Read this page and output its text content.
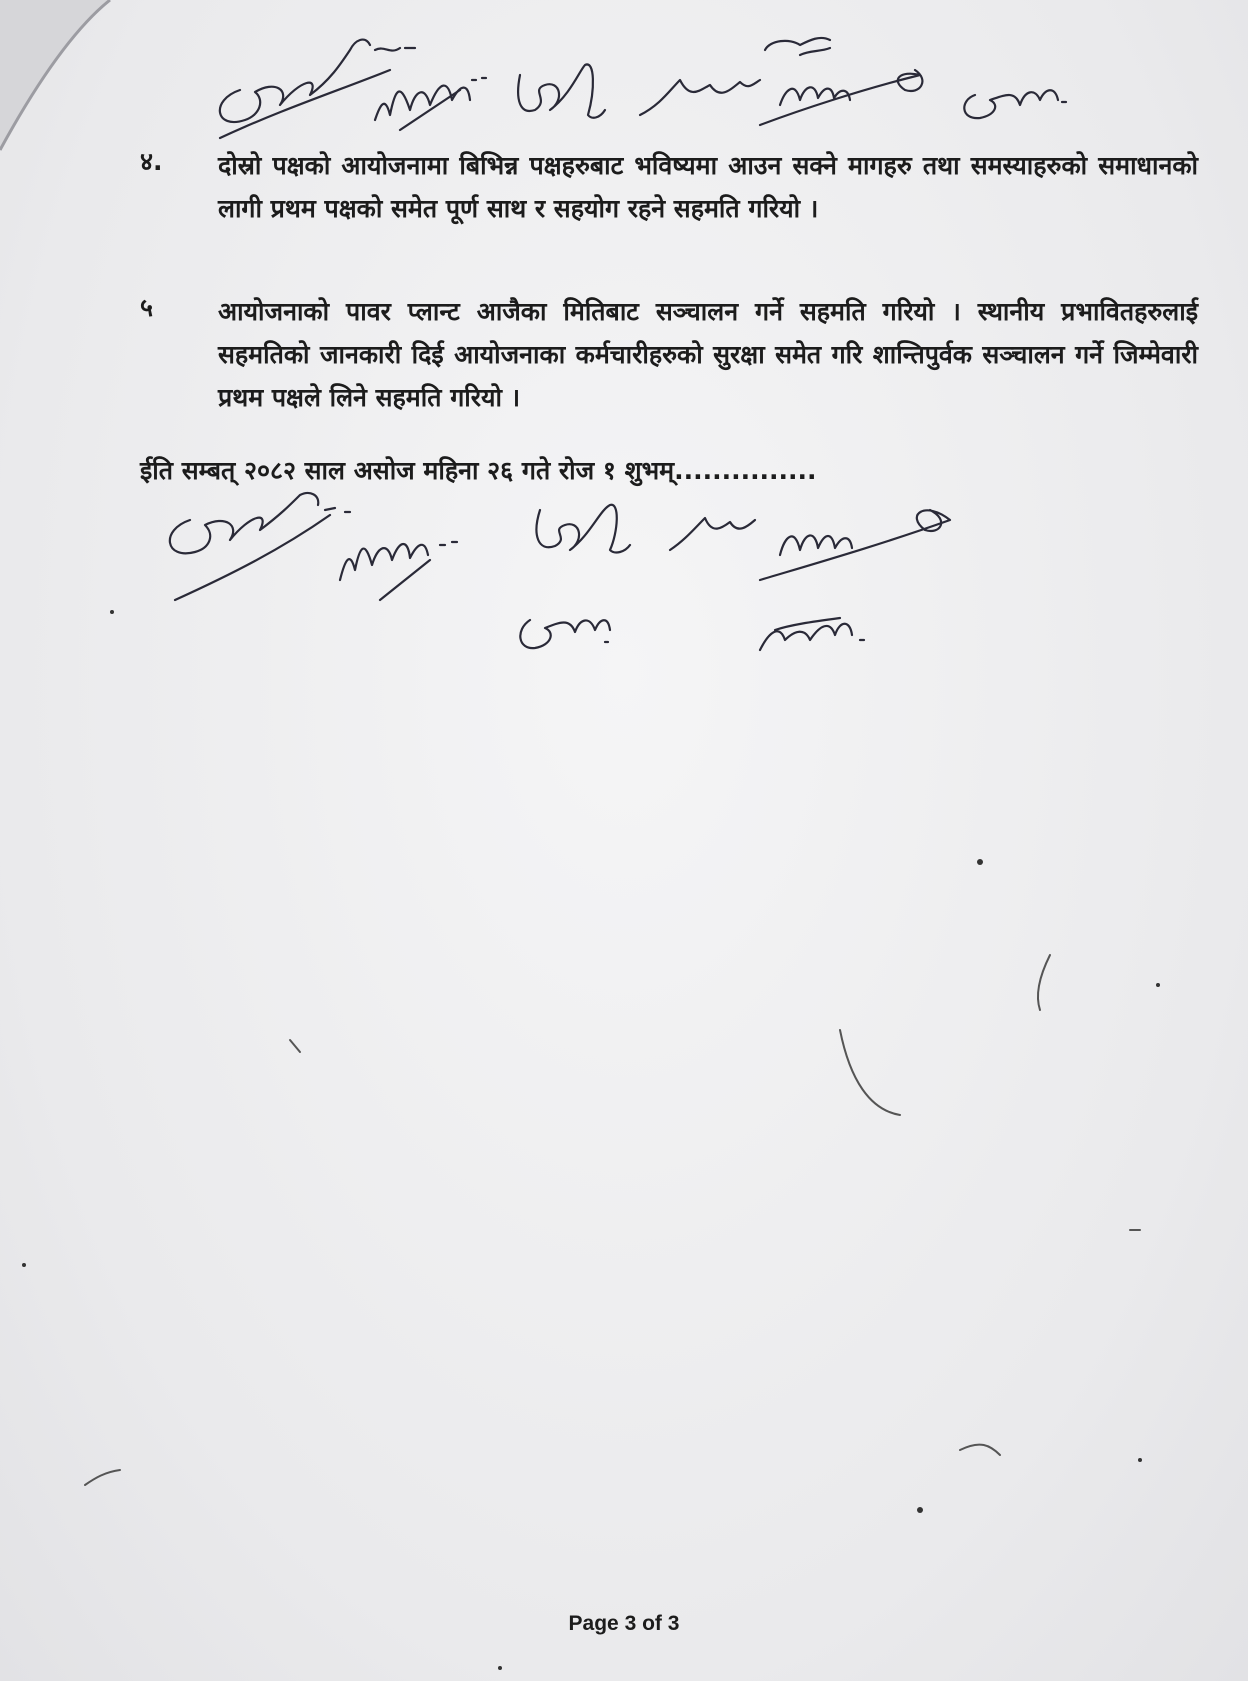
४. दोस्रो पक्षको आयोजनामा बिभिन्न पक्षहरुबाट भविष्यमा आउन सक्ने मागहरु तथा समस्याहरुको समाधानको लागी प्रथम पक्षको समेत पूर्ण साथ र सहयोग रहने सहमति गरियो ।
५	आयोजनाको पावर प्लान्ट आजैका मितिबाट सञ्चालन गर्ने सहमति गरियो । स्थानीय प्रभावितहरुलाई सहमतिको जानकारी दिई आयोजनाका कर्मचारीहरुको सुरक्षा समेत गरि शान्तिपुर्वक सञ्चालन गर्ने जिम्मेवारी प्रथम पक्षले लिने सहमति गरियो ।
ईति सम्बत् २०८२ साल असोज महिना २६ गते रोज १ शुभम्...............
Page 3 of 3
